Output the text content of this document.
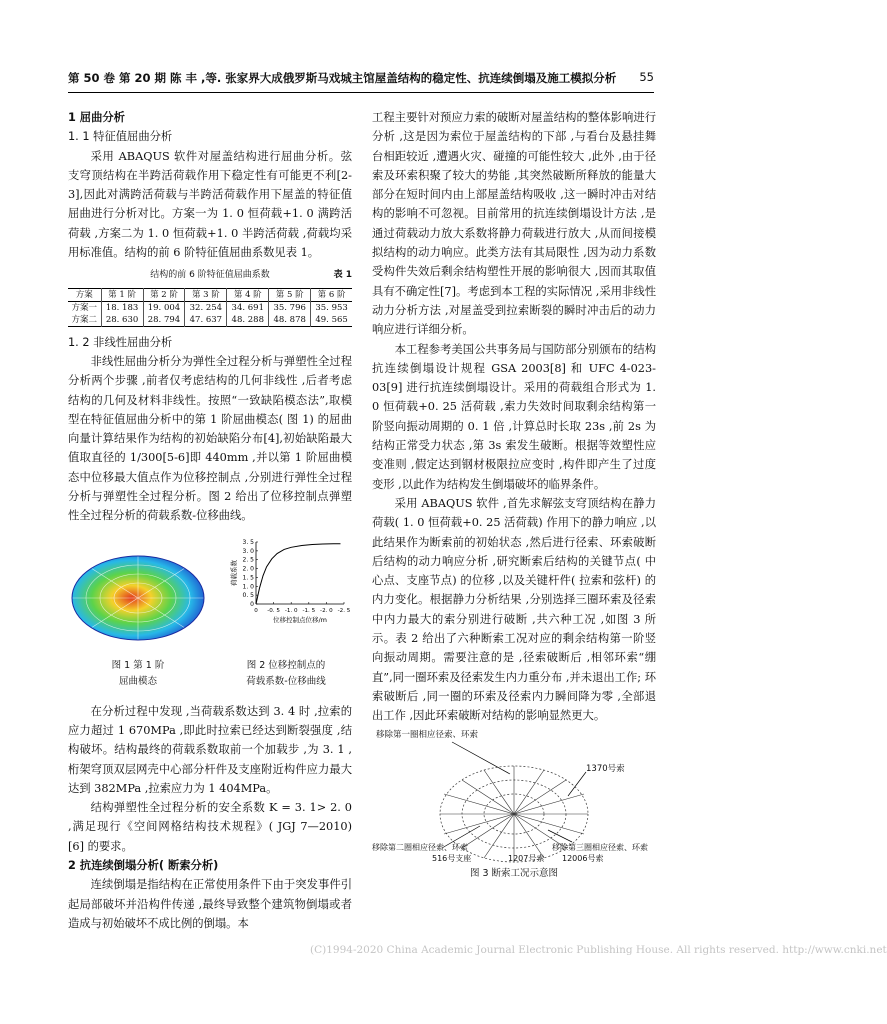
第 50 卷 第 20 期 陈 丰 ,等. 张家界大成俄罗斯马戏城主馆屋盖结构的稳定性、抗连续倒塌及施工模拟分析 55
1 屈曲分析
1. 1 特征值屈曲分析

采用 ABAQUS 软件对屋盖结构进行屈曲分析。弦支穹顶结构在半跨活荷载作用下稳定性有可能更不利[2-3],因此对满跨活荷载与半跨活荷载作用下屋盖的特征值屈曲进行分析对比。方案一为 1. 0 恒荷载+1. 0 满跨活荷载 ,方案二为 1. 0 恒荷载+1. 0 半跨活荷载 ,荷载均采用标准值。结构的前 6 阶特征值屈曲系数见表 1。

结构的前 6 阶特征值屈曲系数	表 1
方案	第 1 阶	第 2 阶	第 3 阶	第 4 阶	第 5 阶	第 6 阶
方案一	18. 183	19. 004	32. 254	34. 691	35. 796	35. 953
方案二	28. 630	28. 794	47. 637	48. 288	48. 878	49. 565
1. 2 非线性屈曲分析

非线性屈曲分析分为弹性全过程分析与弹塑性全过程分析两个步骤 ,前者仅考虑结构的几何非线性 ,后者考虑结构的几何及材料非线性。按照“一致缺陷模态法”,取模型在特征值屈曲分析中的第 1 阶屈曲模态( 图 1) 的屈曲向量计算结果作为结构的初始缺陷分布[4],初始缺陷最大值取直径的 1/300[5-6]即 440mm ,并以第 1 阶屈曲模态中位移最大值点作为位移控制点 ,分别进行弹性全过程分析与弹塑性全过程分析。图 2 给出了位移控制点弹塑性全过程分析的荷载系数-位移曲线。

0
0. 5
1. 0
1. 5
2. 0
2. 5
3. 0
3. 5
0 -0. 5 -1. 0 -1. 5 -2. 0 -2. 5
位移控制点位移/m
荷载系数
图 1 第 1 阶
屈曲模态
图 2 位移控制点的
荷载系数-位移曲线

在分析过程中发现 ,当荷载系数达到 3. 4 时 ,拉索的应力超过 1 670MPa ,即此时拉索已经达到断裂强度 ,结构破坏。结构最终的荷载系数取前一个加载步 ,为 3. 1 ,桁架穹顶双层网壳中心部分杆件及支座附近构件应力最大达到 382MPa ,拉索应力为 1 404MPa。

结构弹塑性全过程分析的安全系数 K = 3. 1> 2. 0 ,满足现行《空间网格结构技术规程》( JGJ 7—2010) [6] 的要求。

2 抗连续倒塌分析( 断索分析)

连续倒塌是指结构在正常使用条件下由于突发事件引起局部破坏并沿构件传递 ,最终导致整个建筑物倒塌或者造成与初始破坏不成比例的倒塌。本

工程主要针对预应力索的破断对屋盖结构的整体影响进行分析 ,这是因为索位于屋盖结构的下部 ,与看台及悬挂舞台相距较近 ,遭遇火灾、碰撞的可能性较大 ,此外 ,由于径索及环索积聚了较大的势能 ,其突然破断所释放的能量大部分在短时间内由上部屋盖结构吸收 ,这一瞬时冲击对结构的影响不可忽视。目前常用的抗连续倒塌设计方法 ,是通过荷载动力放大系数将静力荷载进行放大 ,从而间接模拟结构的动力响应。此类方法有其局限性 ,因为动力系数受构件失效后剩余结构塑性开展的影响很大 ,因而其取值具有不确定性[7]。考虑到本工程的实际情况 ,采用非线性动力分析方法 ,对屋盖受到拉索断裂的瞬时冲击后的动力响应进行详细分析。

本工程参考美国公共事务局与国防部分别颁布的结构抗连续倒塌设计规程 GSA 2003[8] 和 UFC 4-023-03[9] 进行抗连续倒塌设计。采用的荷载组合形式为 1. 0 恒荷载+0. 25 活荷载 ,索力失效时间取剩余结构第一阶竖向振动周期的 0. 1 倍 ,计算总时长取 23s ,前 2s 为结构正常受力状态 ,第 3s 索发生破断。根据等效塑性应变准则 ,假定达到钢材极限拉应变时 ,构件即产生了过度变形 ,以此作为结构发生倒塌破坏的临界条件。

采用 ABAQUS 软件 ,首先求解弦支穹顶结构在静力荷载( 1. 0 恒荷载+0. 25 活荷载) 作用下的静力响应 ,以此结果作为断索前的初始状态 ,然后进行径索、环索破断后结构的动力响应分析 ,研究断索后结构的关键节点( 中心点、支座节点) 的位移 ,以及关键杆件( 拉索和弦杆) 的内力变化。根据静力分析结果 ,分别选择三圈环索及径索中内力最大的索分别进行破断 ,共六种工况 ,如图 3 所示。表 2 给出了六种断索工况对应的剩余结构第一阶竖向振动周期。需要注意的是 ,径索破断后 ,相邻环索“绷直”,同一圈环索及径索发生内力重分布 ,并未退出工作; 环索破断后 ,同一圈的环索及径索内力瞬间降为零 ,全部退出工作 ,因此环索破断对结构的影响显然更大。

移除第一圈相应径索、环索
1370号索
移除第二圈相应径索、环索	移除第三圈相应径索、环索
516号支座	1207号索 12006号索
图 3 断索工况示意图
(C)1994-2020 China Academic Journal Electronic Publishing House. All rights reserved. http://www.cnki.net
